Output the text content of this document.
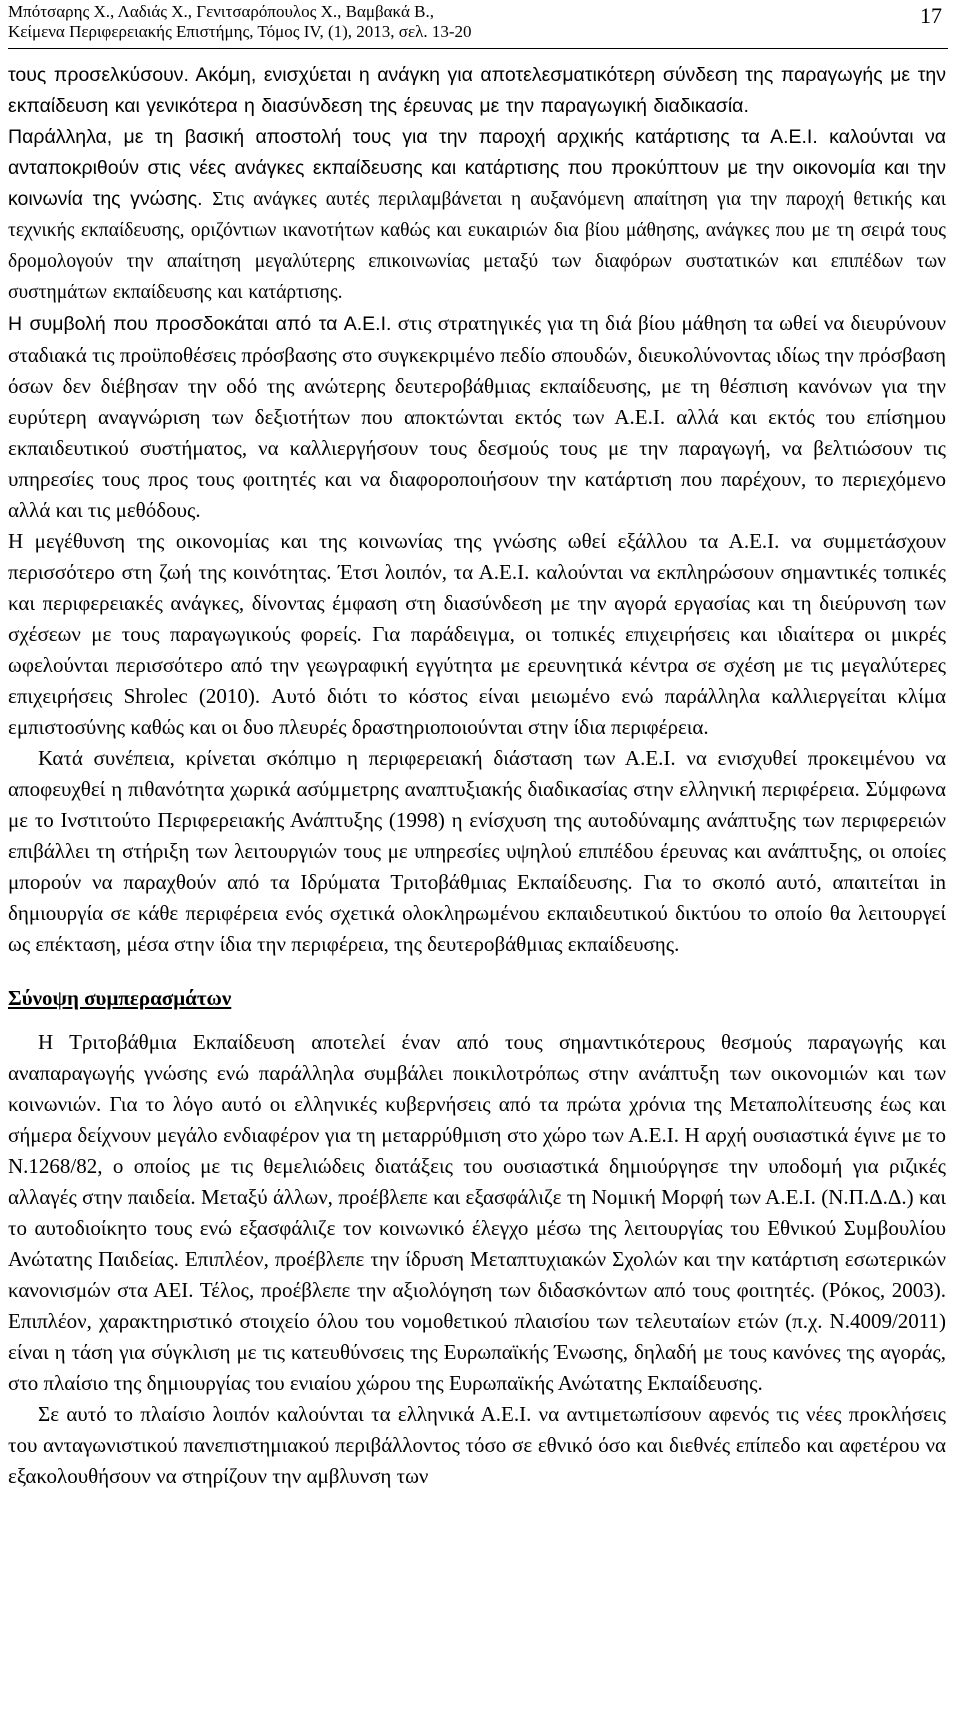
Μπότσαρης Χ., Λαδιάς Χ., Γενιτσαρόπουλος Χ., Βαμβακά Β.,
Κείμενα Περιφερειακής Επιστήμης, Τόμος IV, (1), 2013, σελ. 13-20
17

τους προσελκύσουν. Ακόμη, ενισχύεται η ανάγκη για αποτελεσματικότερη σύνδεση της παραγωγής με την εκπαίδευση και γενικότερα η διασύνδεση της έρευνας με την παραγωγική διαδικασία.

Παράλληλα, με τη βασική αποστολή τους για την παροχή αρχικής κατάρτισης τα Α.Ε.Ι. καλούνται να ανταποκριθούν στις νέες ανάγκες εκπαίδευσης και κατάρτισης που προκύπτουν με την οικονομία και την κοινωνία της γνώσης. Στις ανάγκες αυτές περιλαμβάνεται η αυξανόμενη απαίτηση για την παροχή θετικής και τεχνικής εκπαίδευσης, οριζόντιων ικανοτήτων καθώς και ευκαιριών δια βίου μάθησης, ανάγκες που με τη σειρά τους δρομολογούν την απαίτηση μεγαλύτερης επικοινωνίας μεταξύ των διαφόρων συστατικών και επιπέδων των συστημάτων εκπαίδευσης και κατάρτισης.

Η συμβολή που προσδοκάται από τα Α.Ε.Ι. στις στρατηγικές για τη διά βίου μάθηση τα ωθεί να διευρύνουν σταδιακά τις προϋποθέσεις πρόσβασης στο συγκεκριμένο πεδίο σπουδών, διευκολύνοντας ιδίως την πρόσβαση όσων δεν διέβησαν την οδό της ανώτερης δευτεροβάθμιας εκπαίδευσης, με τη θέσπιση κανόνων για την ευρύτερη αναγνώριση των δεξιοτήτων που αποκτώνται εκτός των Α.Ε.Ι. αλλά και εκτός του επίσημου εκπαιδευτικού συστήματος, να καλλιεργήσουν τους δεσμούς τους με την παραγωγή, να βελτιώσουν τις υπηρεσίες τους προς τους φοιτητές και να διαφοροποιήσουν την κατάρτιση που παρέχουν, το περιεχόμενο αλλά και τις μεθόδους.

Η μεγέθυνση της οικονομίας και της κοινωνίας της γνώσης ωθεί εξάλλου τα Α.Ε.Ι. να συμμετάσχουν περισσότερο στη ζωή της κοινότητας. Έτσι λοιπόν, τα Α.Ε.Ι. καλούνται να εκπληρώσουν σημαντικές τοπικές και περιφερειακές ανάγκες, δίνοντας έμφαση στη διασύνδεση με την αγορά εργασίας και τη διεύρυνση των σχέσεων με τους παραγωγικούς φορείς. Για παράδειγμα, οι τοπικές επιχειρήσεις και ιδιαίτερα οι μικρές ωφελούνται περισσότερο από την γεωγραφική εγγύτητα με ερευνητικά κέντρα σε σχέση με τις μεγαλύτερες επιχειρήσεις Shrolec (2010). Αυτό διότι το κόστος είναι μειωμένο ενώ παράλληλα καλλιεργείται κλίμα εμπιστοσύνης καθώς και οι δυο πλευρές δραστηριοποιούνται στην ίδια περιφέρεια.

Κατά συνέπεια, κρίνεται σκόπιμο η περιφερειακή διάσταση των Α.Ε.Ι. να ενισχυθεί προκειμένου να αποφευχθεί η πιθανότητα χωρικά ασύμμετρης αναπτυξιακής διαδικασίας στην ελληνική περιφέρεια. Σύμφωνα με το Ινστιτούτο Περιφερειακής Ανάπτυξης (1998) η ενίσχυση της αυτοδύναμης ανάπτυξης των περιφερειών επιβάλλει τη στήριξη των λειτουργιών τους με υπηρεσίες υψηλού επιπέδου έρευνας και ανάπτυξης, οι οποίες μπορούν να παραχθούν από τα Ιδρύματα Τριτοβάθμιας Εκπαίδευσης. Για το σκοπό αυτό, απαιτείται in δημιουργία σε κάθε περιφέρεια ενός σχετικά ολοκληρωμένου εκπαιδευτικού δικτύου το οποίο θα λειτουργεί ως επέκταση, μέσα στην ίδια την περιφέρεια, της δευτεροβάθμιας εκπαίδευσης.

Σύνοψη συμπερασμάτων

Η Τριτοβάθμια Εκπαίδευση αποτελεί έναν από τους σημαντικότερους θεσμούς παραγωγής και αναπαραγωγής γνώσης ενώ παράλληλα συμβάλει ποικιλοτρόπως στην ανάπτυξη των οικονομιών και των κοινωνιών. Για το λόγο αυτό οι ελληνικές κυβερνήσεις από τα πρώτα χρόνια της Μεταπολίτευσης έως και σήμερα δείχνουν μεγάλο ενδιαφέρον για τη μεταρρύθμιση στο χώρο των Α.Ε.Ι. Η αρχή ουσιαστικά έγινε με το Ν.1268/82, ο οποίος με τις θεμελιώδεις διατάξεις του ουσιαστικά δημιούργησε την υποδομή για ριζικές αλλαγές στην παιδεία. Μεταξύ άλλων, προέβλεπε και εξασφάλιζε τη Νομική Μορφή των Α.Ε.Ι. (Ν.Π.Δ.Δ.) και το αυτοδιοίκητο τους ενώ εξασφάλιζε τον κοινωνικό έλεγχο μέσω της λειτουργίας του Εθνικού Συμβουλίου Ανώτατης Παιδείας. Επιπλέον, προέβλεπε την ίδρυση Μεταπτυχιακών Σχολών και την κατάρτιση εσωτερικών κανονισμών στα ΑΕΙ. Τέλος, προέβλεπε την αξιολόγηση των διδασκόντων από τους φοιτητές. (Ρόκος, 2003). Επιπλέον, χαρακτηριστικό στοιχείο όλου του νομοθετικού πλαισίου των τελευταίων ετών (π.χ. Ν.4009/2011) είναι η τάση για σύγκλιση με τις κατευθύνσεις της Ευρωπαϊκής Ένωσης, δηλαδή με τους κανόνες της αγοράς, στο πλαίσιο της δημιουργίας του ενιαίου χώρου της Ευρωπαϊκής Ανώτατης Εκπαίδευσης.

Σε αυτό το πλαίσιο λοιπόν καλούνται τα ελληνικά Α.Ε.Ι. να αντιμετωπίσουν αφενός τις νέες προκλήσεις του ανταγωνιστικού πανεπιστημιακού περιβάλλοντος τόσο σε εθνικό όσο και διεθνές επίπεδο και αφετέρου να εξακολουθήσουν να στηρίζουν την αμβλυνση των
